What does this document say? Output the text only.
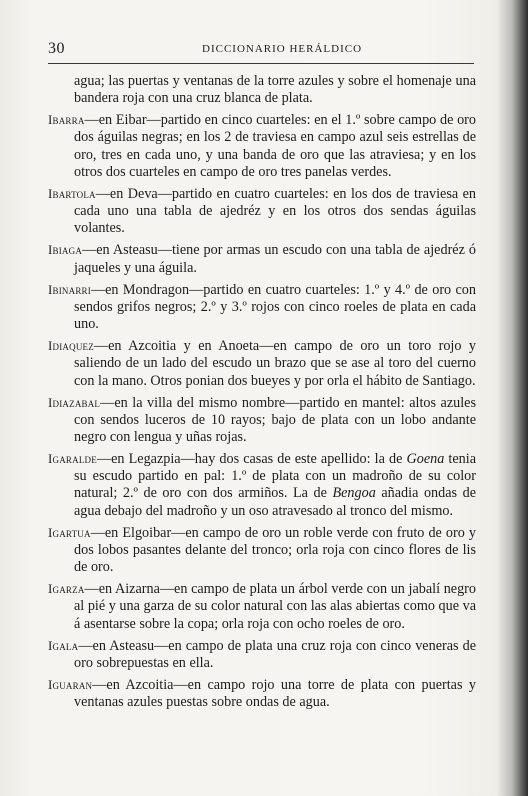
30	DICCIONARIO HERÁLDICO

agua; las puertas y ventanas de la torre azules y sobre el homenaje una bandera roja con una cruz blanca de plata.

Ibarra—en Eibar—partido en cinco cuarteles: en el 1.º sobre campo de oro dos águilas negras; en los 2 de traviesa en campo azul seis estrellas de oro, tres en cada uno, y una banda de oro que las atraviesa; y en los otros dos cuarteles en campo de oro tres panelas verdes.

Ibartola—en Deva—partido en cuatro cuarteles: en los dos de traviesa en cada uno una tabla de ajedréz y en los otros dos sendas águilas volantes.

Ibiaga—en Asteasu—tiene por armas un escudo con una tabla de ajedréz ó jaqueles y una águila.

Ibinarri—en Mondragon—partido en cuatro cuarteles: 1.º y 4.º de oro con sendos grifos negros; 2.º y 3.º rojos con cinco roeles de plata en cada uno.

Idiaquez—en Azcoitia y en Anoeta—en campo de oro un toro rojo y saliendo de un lado del escudo un brazo que se ase al toro del cuerno con la mano. Otros ponian dos bueyes y por orla el hábito de Santiago.

Idiazabal—en la villa del mismo nombre—partido en mantel: altos azules con sendos luceros de 10 rayos; bajo de plata con un lobo andante negro con lengua y uñas rojas.

Igaralde—en Legazpia—hay dos casas de este apellido: la de Goena tenia su escudo partido en pal: 1.º de plata con un madroño de su color natural; 2.º de oro con dos armiños. La de Bengoa añadia ondas de agua debajo del madroño y un oso atravesado al tronco del mismo.

Igartua—en Elgoibar—en campo de oro un roble verde con fruto de oro y dos lobos pasantes delante del tronco; orla roja con cinco flores de lis de oro.

Igarza—en Aizarna—en campo de plata un árbol verde con un jabalí negro al pié y una garza de su color natural con las alas abiertas como que va á asentarse sobre la copa; orla roja con ocho roeles de oro.

Igala—en Asteasu—en campo de plata una cruz roja con cinco veneras de oro sobrepuestas en ella.

Iguaran—en Azcoitia—en campo rojo una torre de plata con puertas y ventanas azules puestas sobre ondas de agua.
